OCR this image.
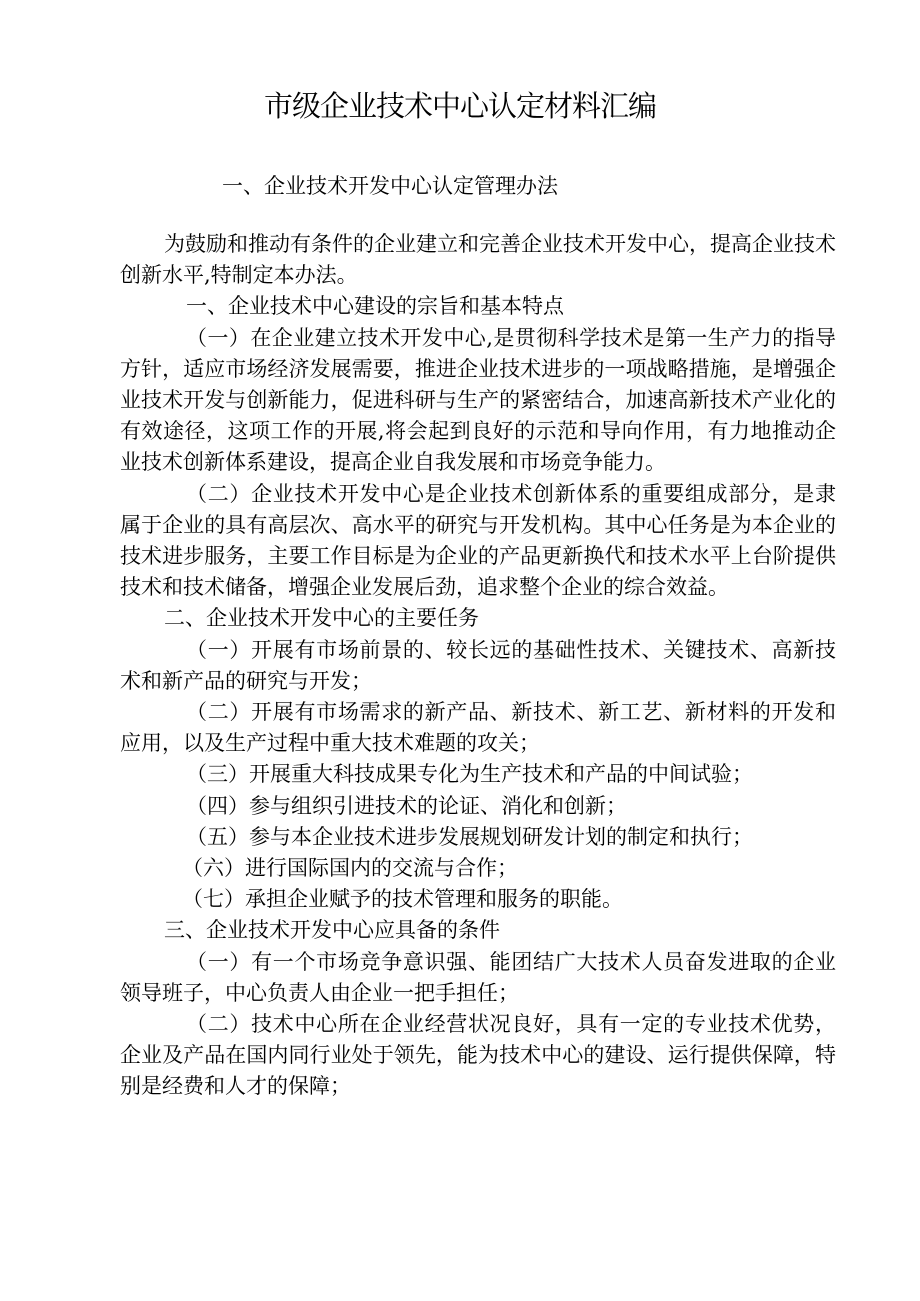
市级企业技术中心认定材料汇编
一、企业技术开发中心认定管理办法

为鼓励和推动有条件的企业建立和完善企业技术开发中心，提高企业技术创新水平,特制定本办法。

一、企业技术中心建设的宗旨和基本特点

（一）在企业建立技术开发中心,是贯彻科学技术是第一生产力的指导方针，适应市场经济发展需要，推进企业技术进步的一项战略措施，是增强企业技术开发与创新能力，促进科研与生产的紧密结合，加速高新技术产业化的有效途径，这项工作的开展,将会起到良好的示范和导向作用，有力地推动企业技术创新体系建设，提高企业自我发展和市场竞争能力。

（二）企业技术开发中心是企业技术创新体系的重要组成部分，是隶属于企业的具有高层次、高水平的研究与开发机构。其中心任务是为本企业的技术进步服务，主要工作目标是为企业的产品更新换代和技术水平上台阶提供技术和技术储备，增强企业发展后劲，追求整个企业的综合效益。

二、企业技术开发中心的主要任务

（一）开展有市场前景的、较长远的基础性技术、关键技术、高新技术和新产品的研究与开发；

（二）开展有市场需求的新产品、新技术、新工艺、新材料的开发和应用，以及生产过程中重大技术难题的攻关；

（三）开展重大科技成果专化为生产技术和产品的中间试验；

（四）参与组织引进技术的论证、消化和创新；

（五）参与本企业技术进步发展规划研发计划的制定和执行；

（六）进行国际国内的交流与合作；

（七）承担企业赋予的技术管理和服务的职能。

三、企业技术开发中心应具备的条件

（一）有一个市场竞争意识强、能团结广大技术人员奋发进取的企业领导班子，中心负责人由企业一把手担任；

（二）技术中心所在企业经营状况良好，具有一定的专业技术优势，企业及产品在国内同行业处于领先，能为技术中心的建设、运行提供保障，特别是经费和人才的保障；
